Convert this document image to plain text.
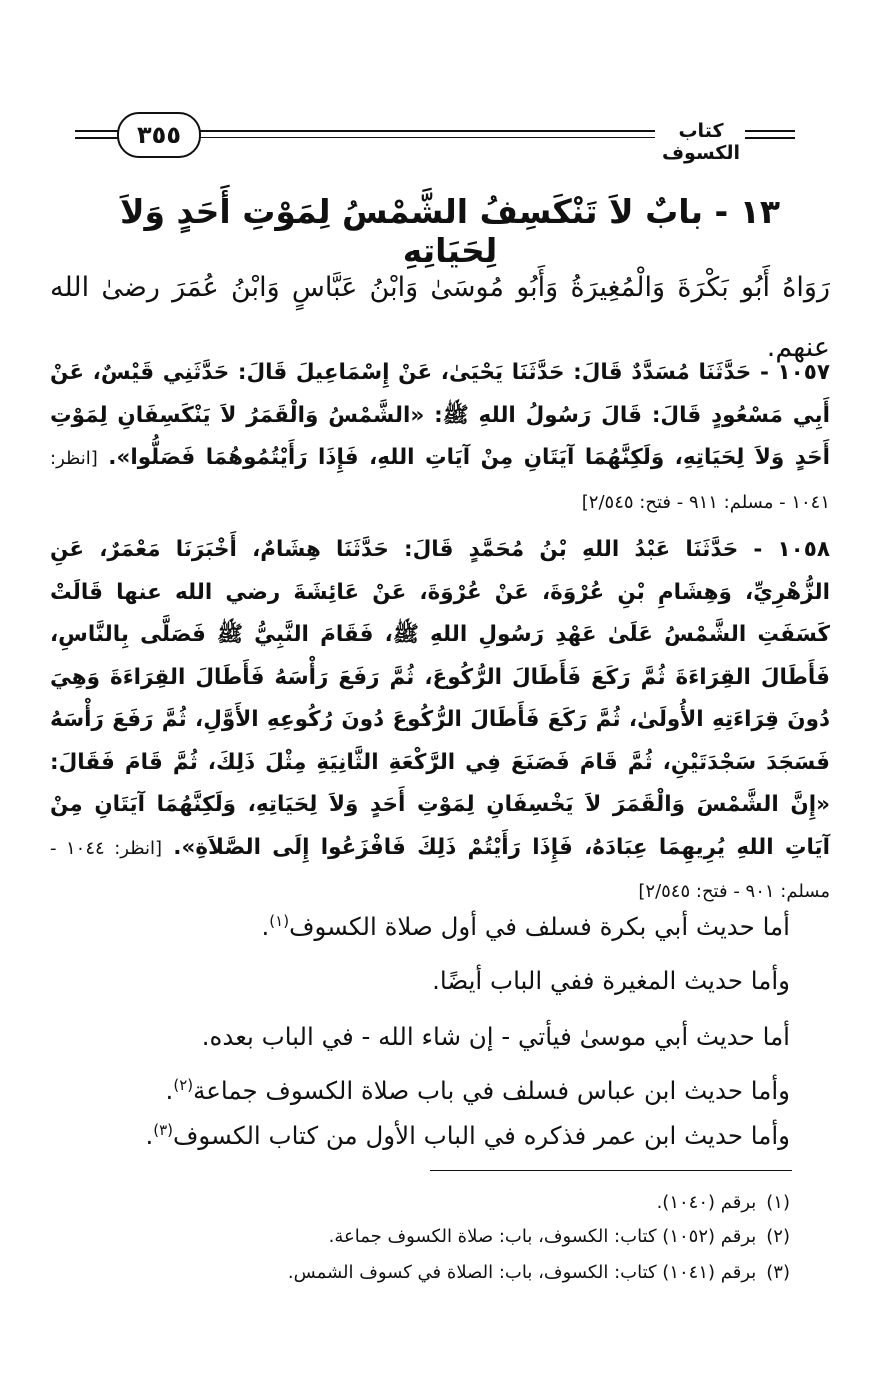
٣٥٥	كتاب الكسوف
١٣ - بابٌ لاَ تَنْكَسِفُ الشَّمْسُ لِمَوْتِ أَحَدٍ وَلاَ لِحَيَاتِهِ
رَوَاهُ أَبُو بَكْرَةَ وَالْمُغِيرَةُ وَأَبُو مُوسَىٰ وَابْنُ عَبَّاسٍ وَابْنُ عُمَرَ رضىٰ الله عنهم.
١٠٥٧ - حَدَّثَنَا مُسَدَّدٌ قَالَ: حَدَّثَنَا يَحْيَىٰ، عَنْ إِسْمَاعِيلَ قَالَ: حَدَّثَنِي قَيْسٌ، عَنْ أَبِي مَسْعُودٍ قَالَ: قَالَ رَسُولُ اللهِ ﷺ: «الشَّمْسُ وَالْقَمَرُ لاَ يَنْكَسِفَانِ لِمَوْتِ أَحَدٍ وَلاَ لِحَيَاتِهِ، وَلَكِنَّهُمَا آيَتَانِ مِنْ آيَاتِ اللهِ، فَإِذَا رَأَيْتُمُوهُمَا فَصَلُّوا». [انظر: ١٠٤١ - مسلم: ٩١١ - فتح: ٢/٥٤٥]
١٠٥٨ - حَدَّثَنَا عَبْدُ اللهِ بْنُ مُحَمَّدٍ قَالَ: حَدَّثَنَا هِشَامٌ، أَخْبَرَنَا مَعْمَرٌ، عَنِ الزُّهْرِيِّ، وَهِشَامِ بْنِ عُرْوَةَ، عَنْ عُرْوَةَ، عَنْ عَائِشَةَ رضي الله عنها قَالَتْ كَسَفَتِ الشَّمْسُ عَلَىٰ عَهْدِ رَسُولِ اللهِ ﷺ، فَقَامَ النَّبِيُّ ﷺ فَصَلَّى بِالنَّاسِ، فَأَطَالَ القِرَاءَةَ ثُمَّ رَكَعَ فَأَطَالَ الرُّكُوعَ، ثُمَّ رَفَعَ رَأْسَهُ فَأَطَالَ القِرَاءَةَ وَهِيَ دُونَ قِرَاءَتِهِ الأُولَىٰ، ثُمَّ رَكَعَ فَأَطَالَ الرُّكُوعَ دُونَ رُكُوعِهِ الأَوَّلِ، ثُمَّ رَفَعَ رَأْسَهُ فَسَجَدَ سَجْدَتَيْنِ، ثُمَّ قَامَ فَصَنَعَ فِي الرَّكْعَةِ الثَّانِيَةِ مِثْلَ ذَلِكَ، ثُمَّ قَامَ فَقَالَ: «إِنَّ الشَّمْسَ وَالْقَمَرَ لاَ يَخْسِفَانِ لِمَوْتِ أَحَدٍ وَلاَ لِحَيَاتِهِ، وَلَكِنَّهُمَا آيَتَانِ مِنْ آيَاتِ اللهِ يُرِيهِمَا عِبَادَهُ، فَإِذَا رَأَيْتُمْ ذَلِكَ فَافْزَعُوا إِلَى الصَّلاَةِ». [انظر: ١٠٤٤ - مسلم: ٩٠١ - فتح: ٢/٥٤٥]
أما حديث أبي بكرة فسلف في أول صلاة الكسوف$^{(١)}$.
وأما حديث المغيرة ففي الباب أيضًا.
أما حديث أبي موسىٰ فيأتي - إن شاء الله - في الباب بعده.
وأما حديث ابن عباس فسلف في باب صلاة الكسوف جماعة$^{(٢)}$.
وأما حديث ابن عمر فذكره في الباب الأول من كتاب الكسوف$^{(٣)}$.
(١)برقم (١٠٤٠).
(٢)برقم (١٠٥٢) كتاب: الكسوف، باب: صلاة الكسوف جماعة.
(٣)برقم (١٠٤١) كتاب: الكسوف، باب: الصلاة في كسوف الشمس.
